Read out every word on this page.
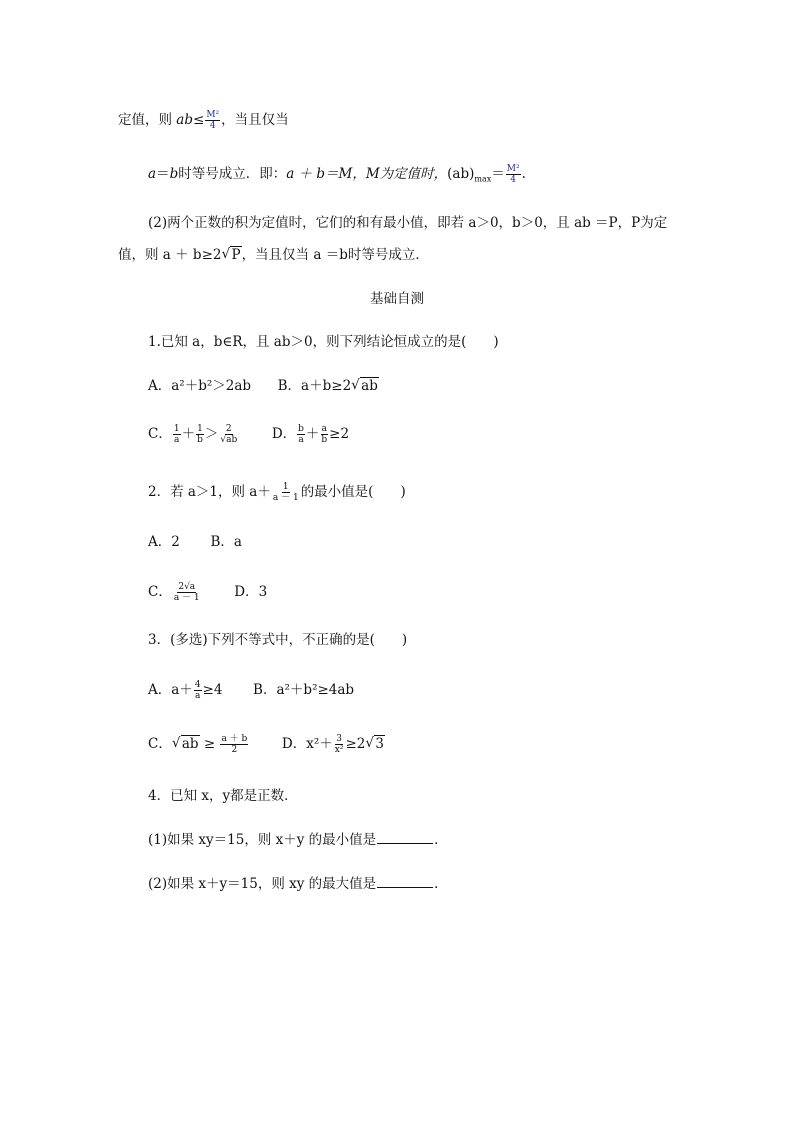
定值，则 $ab\le \frac{\text{M²}}{4}$ ，当且仅当
a＝b时等号成立．即：a ＋ b＝M，M为定值时，$(ab)_{max}= \frac{\text{M²}}{4}$ .
(2)两个正数的积为定值时，它们的和有最小值，即若 a＞0，b＞0，且 ab ＝P，P为定
值，则 a ＋ b≥2√ P，当且仅当 a ＝b时等号成立．
基础自测
1.已知 a，b∈R，且 ab＞0，则下列结论恒成立的是(　　)
A．a²＋b²＞2ab B．a＋b≥2√ ab
C． $\frac{1}{a} + \frac{1}{b} > \frac{2}{√ab}$ D． $\frac{b}{a} + \frac{a}{b} \ge 2$
2．若 a＞1，则 $a+ \frac{1}{a - 1}$ 的最小值是(　　)
A．2 B．a
C． $\frac{2√a}{a - 1}$ D．3
3．(多选)下列不等式中，不正确的是(　　)
A．$a+ \frac{4}{a} \ge 4$ B．a²＋b²≥4ab
C．√ ab ≥ $\frac{a + b}{2}$ D．$x^2+ \frac{3}{\text{x²}} \ge 2√$ 3
4．已知 x，y都是正数．
(1)如果 xy＝15，则 x＋y 的最小值是	．
(2)如果 x＋y＝15，则 xy 的最大值是	．
